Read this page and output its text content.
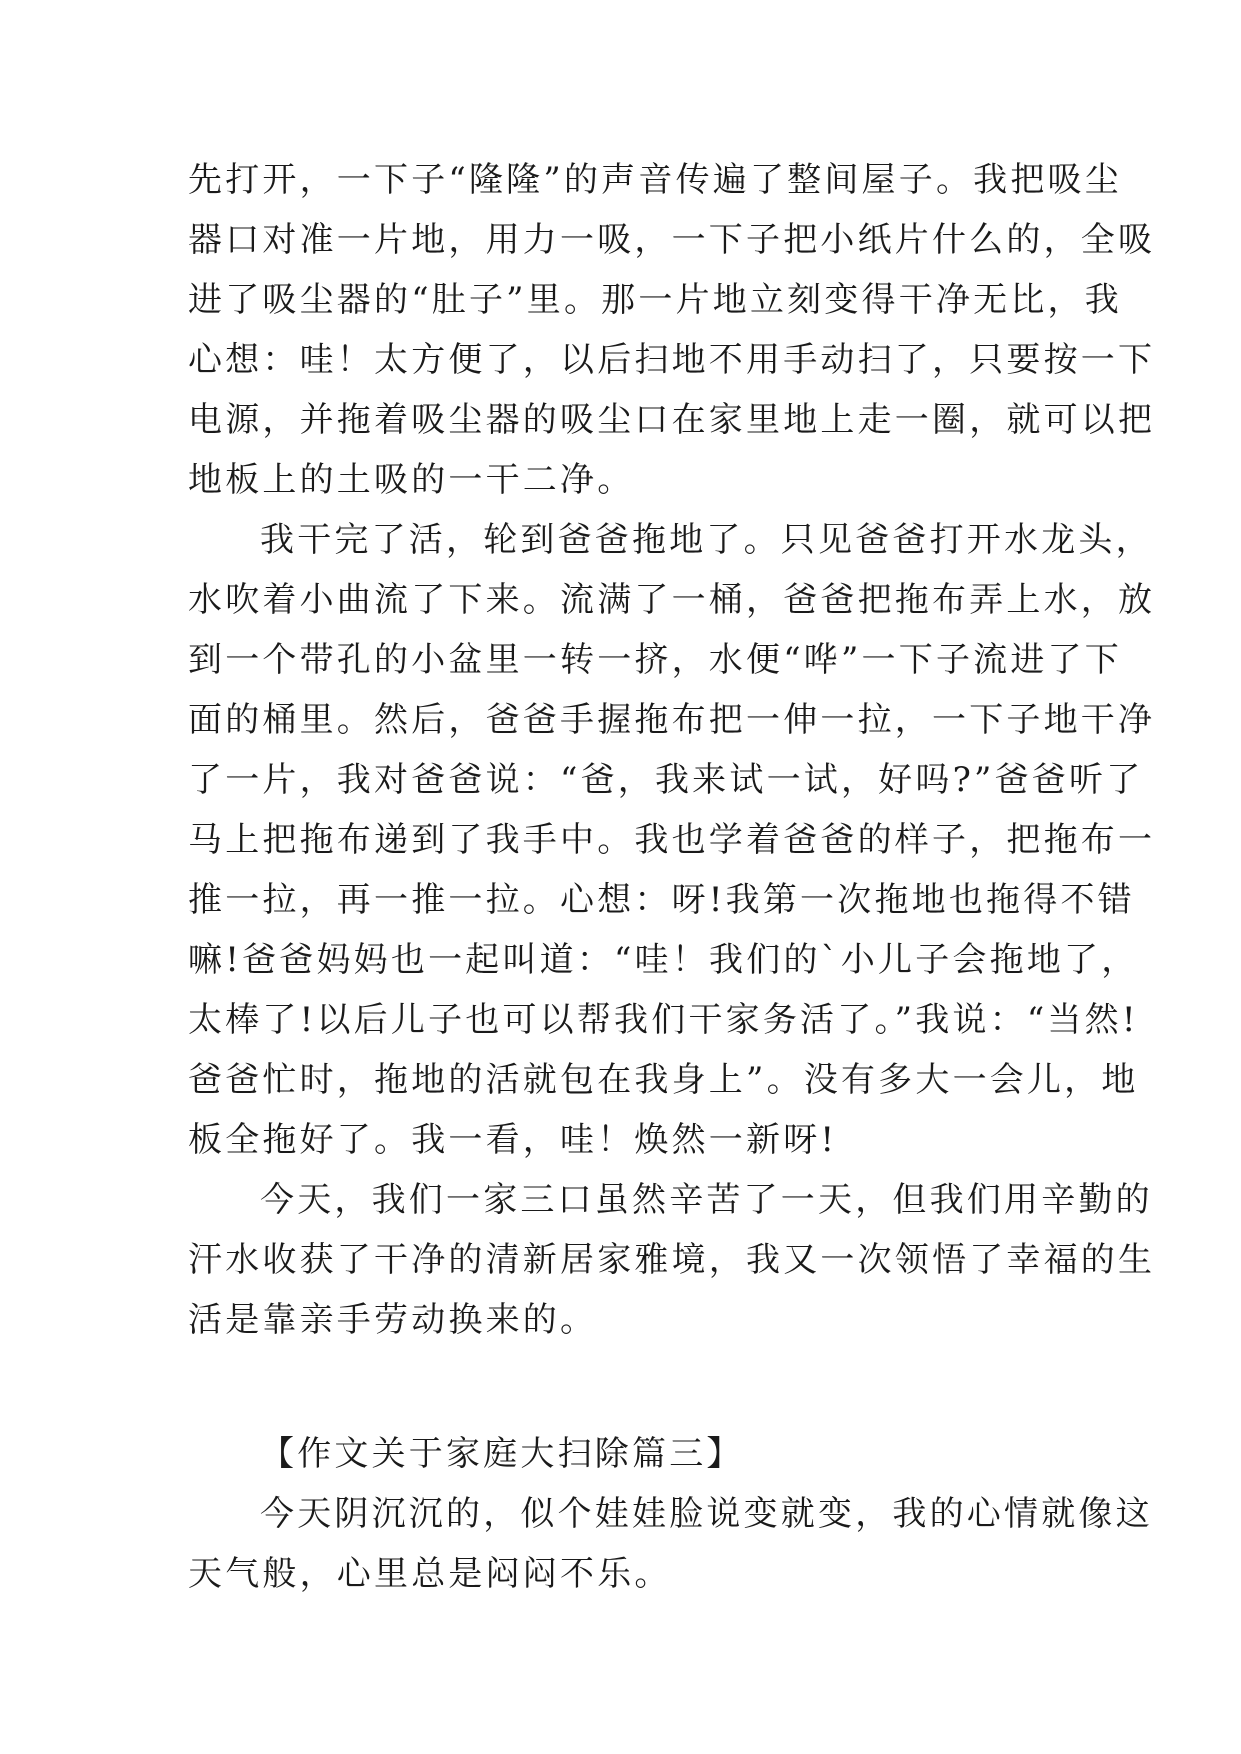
先打开，一下子“隆隆”的声音传遍了整间屋子。我把吸尘
器口对准一片地，用力一吸，一下子把小纸片什么的，全吸
进了吸尘器的“肚子”里。那一片地立刻变得干净无比，我
心想：哇！太方便了，以后扫地不用手动扫了，只要按一下
电源，并拖着吸尘器的吸尘口在家里地上走一圈，就可以把
地板上的土吸的一干二净。
我干完了活，轮到爸爸拖地了。只见爸爸打开水龙头，
水吹着小曲流了下来。流满了一桶，爸爸把拖布弄上水，放
到一个带孔的小盆里一转一挤，水便“哗”一下子流进了下
面的桶里。然后，爸爸手握拖布把一伸一拉，一下子地干净
了一片，我对爸爸说：“爸，我来试一试，好吗?”爸爸听了
马上把拖布递到了我手中。我也学着爸爸的样子，把拖布一
推一拉，再一推一拉。心想：呀!我第一次拖地也拖得不错
嘛!爸爸妈妈也一起叫道：“哇！我们的`小儿子会拖地了，
太棒了!以后儿子也可以帮我们干家务活了。”我说：“当然!
爸爸忙时，拖地的活就包在我身上”。没有多大一会儿，地
板全拖好了。我一看，哇！焕然一新呀!
今天，我们一家三口虽然辛苦了一天，但我们用辛勤的
汗水收获了干净的清新居家雅境，我又一次领悟了幸福的生
活是靠亲手劳动换来的。
【作文关于家庭大扫除篇三】
今天阴沉沉的，似个娃娃脸说变就变，我的心情就像这
天气般，心里总是闷闷不乐。
